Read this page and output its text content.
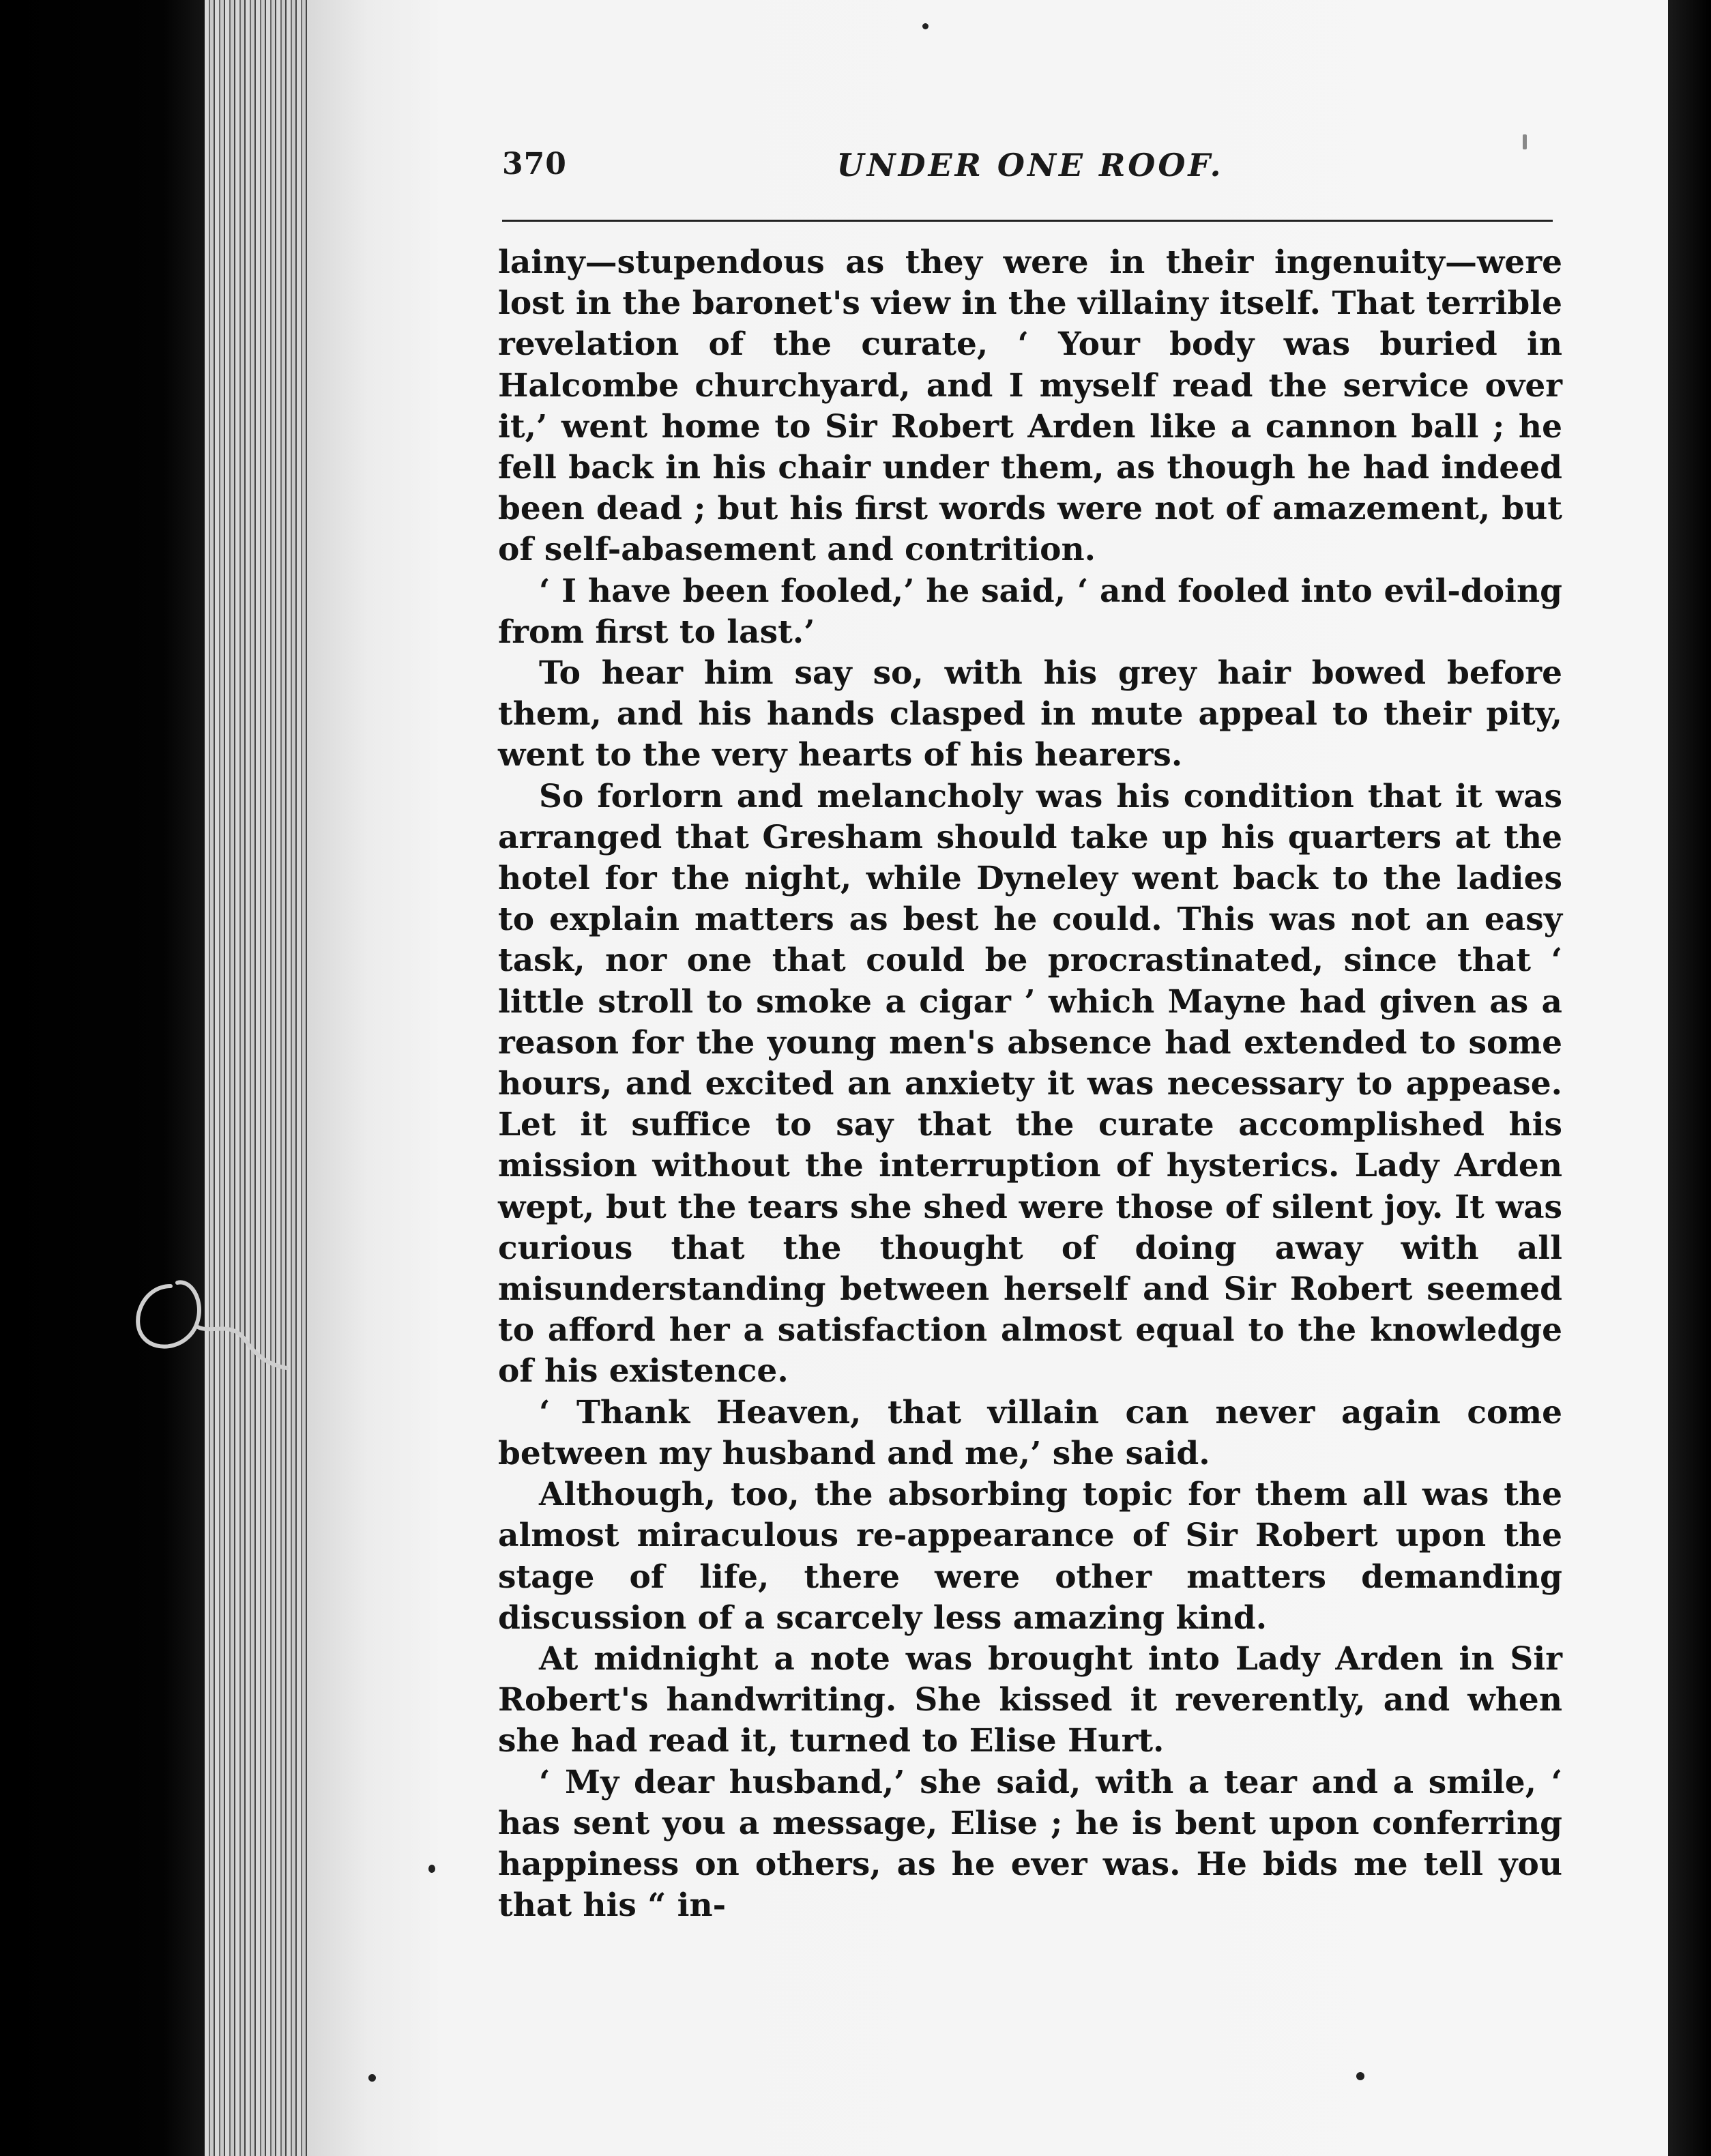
370	UNDER ONE ROOF.

lainy—stupendous as they were in their ingenuity—were lost in the baronet's view in the villainy itself. That terrible revelation of the curate, ‘ Your body was buried in Halcombe churchyard, and I myself read the service over it,’ went home to Sir Robert Arden like a cannon ball ; he fell back in his chair under them, as though he had indeed been dead ; but his first words were not of amazement, but of self-abasement and contrition.

‘ I have been fooled,’ he said, ‘ and fooled into evil-doing from first to last.’

To hear him say so, with his grey hair bowed before them, and his hands clasped in mute appeal to their pity, went to the very hearts of his hearers.

So forlorn and melancholy was his condition that it was arranged that Gresham should take up his quarters at the hotel for the night, while Dyneley went back to the ladies to explain matters as best he could. This was not an easy task, nor one that could be procrastinated, since that ‘ little stroll to smoke a cigar ’ which Mayne had given as a reason for the young men's absence had extended to some hours, and excited an anxiety it was necessary to appease. Let it suffice to say that the curate accomplished his mission without the interruption of hysterics. Lady Arden wept, but the tears she shed were those of silent joy. It was curious that the thought of doing away with all misunderstanding between herself and Sir Robert seemed to afford her a satisfaction almost equal to the knowledge of his existence.

‘ Thank Heaven, that villain can never again come between my husband and me,’ she said.

Although, too, the absorbing topic for them all was the almost miraculous re-appearance of Sir Robert upon the stage of life, there were other matters demanding discussion of a scarcely less amazing kind.

At midnight a note was brought into Lady Arden in Sir Robert's handwriting. She kissed it reverently, and when she had read it, turned to Elise Hurt.

‘ My dear husband,’ she said, with a tear and a smile, ‘ has sent you a message, Elise ; he is bent upon conferring happiness on others, as he ever was. He bids me tell you that his “ in-
